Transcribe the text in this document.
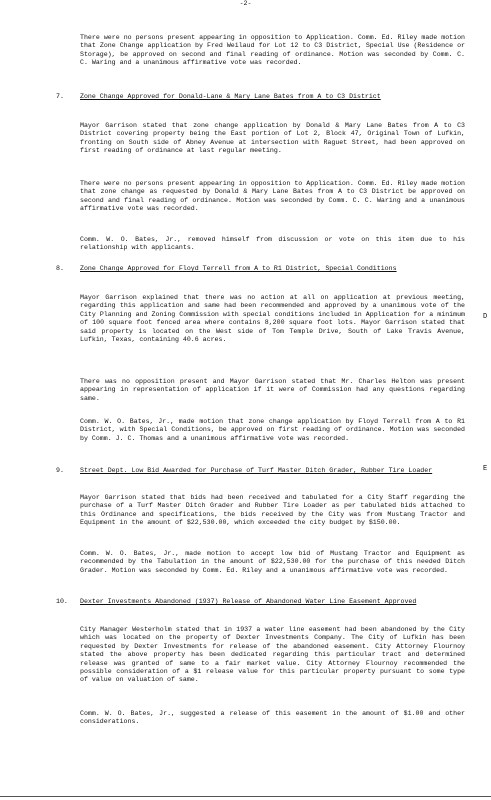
-2-
There were no persons present appearing in opposition to Application. Comm. Ed. Riley made motion that Zone Change application by Fred Weilaud for Lot 12 to C3 District, Special Use (Residence or Storage), be approved on second and final reading of ordinance. Motion was seconded by Comm. C. C. Waring and a unanimous affirmative vote was recorded.
7.	Zone Change Approved for Donald-Lane & Mary Lane Bates from A to C3 District
Mayor Garrison stated that zone change application by Donald & Mary Lane Bates from A to C3 District covering property being the East portion of Lot 2, Block 47, Original Town of Lufkin, fronting on South side of Abney Avenue at intersection with Raguet Street, had been approved on first reading of ordinance at last regular meeting.
There were no persons present appearing in opposition to Application. Comm. Ed. Riley made motion that zone change as requested by Donald & Mary Lane Bates from A to C3 District be approved on second and final reading of ordinance. Motion was seconded by Comm. C. C. Waring and a unanimous affirmative vote was recorded.
Comm. W. O. Bates, Jr., removed himself from discussion or vote on this item due to his relationship with applicants.
8.	Zone Change Approved for Floyd Terrell from A to R1 District, Special Conditions
Mayor Garrison explained that there was no action at all on application at previous meeting, regarding this application and same had been recommended and approved by a unanimous vote of the City Planning and Zoning Commission with special conditions included in Application for a minimum of 100 square foot fenced area where contains 8,200 square foot lots. Mayor Garrison stated that said property is located on the West side of Tom Temple Drive, South of Lake Travis Avenue, Lufkin, Texas, containing 40.6 acres.
There was no opposition present and Mayor Garrison stated that Mr. Charles Helton was present appearing in representation of application if it were of Commission had any questions regarding same.
Comm. W. O. Bates, Jr., made motion that zone change application by Floyd Terrell from A to R1 District, with Special Conditions, be approved on first reading of ordinance. Motion was seconded by Comm. J. C. Thomas and a unanimous affirmative vote was recorded.
9.	Street Dept. Low Bid Awarded for Purchase of Turf Master Ditch Grader, Rubber Tire Loader
Mayor Garrison stated that bids had been received and tabulated for a City Staff regarding the purchase of a Turf Master Ditch Grader and Rubber Tire Loader as per tabulated bids attached to this Ordinance and specifications, the bids received by the City was from Mustang Tractor and Equipment in the amount of $22,530.00, which exceeded the city budget by $150.00.
Comm. W. O. Bates, Jr., made motion to accept low bid of Mustang Tractor and Equipment as recommended by the Tabulation in the amount of $22,530.00 for the purchase of this needed Ditch Grader. Motion was seconded by Comm. Ed. Riley and a unanimous affirmative vote was recorded.
10.	Dexter Investments Abandoned (1937) Release of Abandoned Water Line Easement Approved
City Manager Westerholm stated that in 1937 a water line easement had been abandoned by the City which was located on the property of Dexter Investments Company. The City of Lufkin has been requested by Dexter Investments for release of the abandoned easement. City Attorney Flournoy stated the above property has been dedicated regarding this particular tract and determined release was granted of same to a fair market value. City Attorney Flournoy recommended the possible consideration of a $1 release value for this particular property pursuant to some type of value on valuation of same.
Comm. W. O. Bates, Jr., suggested a release of this easement in the amount of $1.00 and other considerations.
D
E
